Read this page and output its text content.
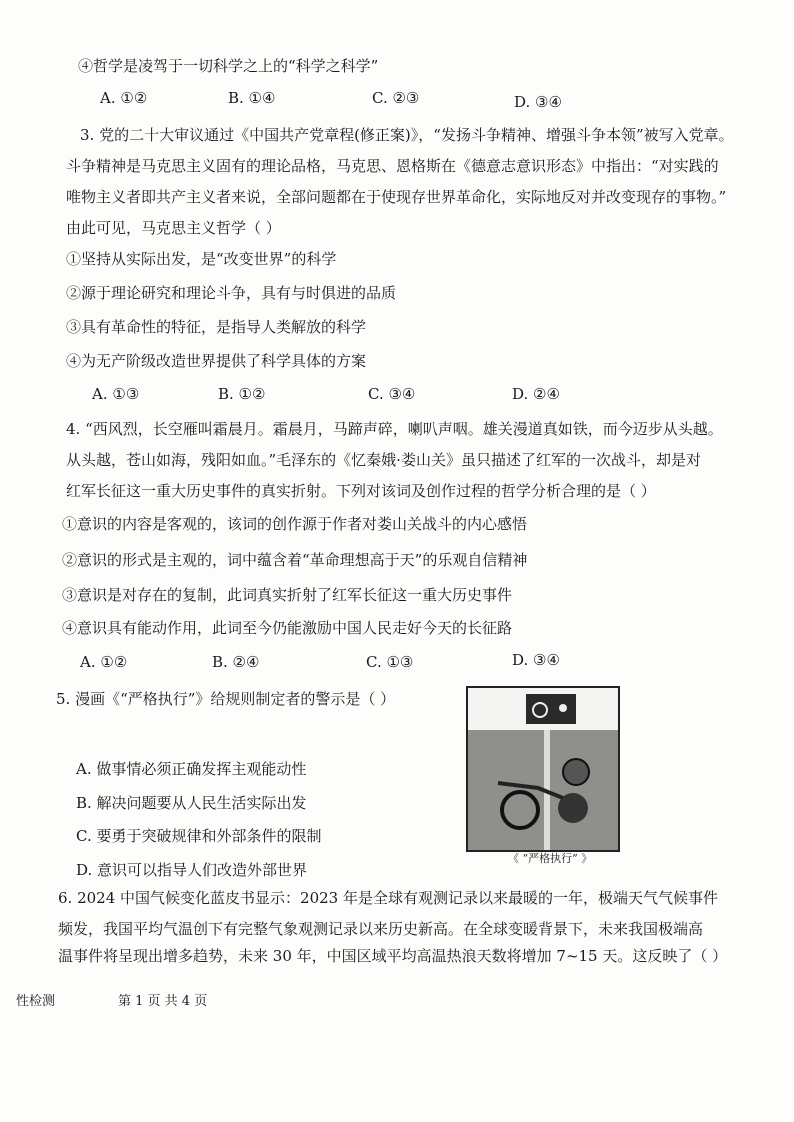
④哲学是凌驾于一切科学之上的“科学之科学”
A. ①②	B. ①④	C. ②③	D. ③④
3. 党的二十大审议通过《中国共产党章程(修正案)》，“发扬斗争精神、增强斗争本领”被写入党章。
斗争精神是马克思主义固有的理论品格，马克思、恩格斯在《德意志意识形态》中指出：“对实践的
唯物主义者即共产主义者来说，全部问题都在于使现存世界革命化，实际地反对并改变现存的事物。”
由此可见，马克思主义哲学（ ）
①坚持从实际出发，是“改变世界”的科学
②源于理论研究和理论斗争，具有与时俱进的品质
③具有革命性的特征，是指导人类解放的科学
④为无产阶级改造世界提供了科学具体的方案
A. ①③	B. ①②	C. ③④	D. ②④
4. “西风烈，长空雁叫霜晨月。霜晨月，马蹄声碎，喇叭声咽。雄关漫道真如铁，而今迈步从头越。
从头越，苍山如海，残阳如血。”毛泽东的《忆秦娥·娄山关》虽只描述了红军的一次战斗，却是对
红军长征这一重大历史事件的真实折射。下列对该词及创作过程的哲学分析合理的是（ ）
①意识的内容是客观的，该词的创作源于作者对娄山关战斗的内心感悟
②意识的形式是主观的，词中蕴含着“革命理想高于天”的乐观自信精神
③意识是对存在的复制，此词真实折射了红军长征这一重大历史事件
④意识具有能动作用，此词至今仍能激励中国人民走好今天的长征路
A. ①②	B. ②④	C. ①③	D. ③④
5. 漫画《“严格执行”》给规则制定者的警示是（ ）
A. 做事情必须正确发挥主观能动性
B. 解决问题要从人民生活实际出发
C. 要勇于突破规律和外部条件的限制
D. 意识可以指导人们改造外部世界
《 “严格执行” 》
6. 2024 中国气候变化蓝皮书显示：2023 年是全球有观测记录以来最暖的一年，极端天气气候事件
频发，我国平均气温创下有完整气象观测记录以来历史新高。在全球变暖背景下，未来我国极端高
温事件将呈现出增多趋势，未来 30 年，中国区域平均高温热浪天数将增加 7~15 天。这反映了（ ）
性检测	第 1 页 共 4 页
